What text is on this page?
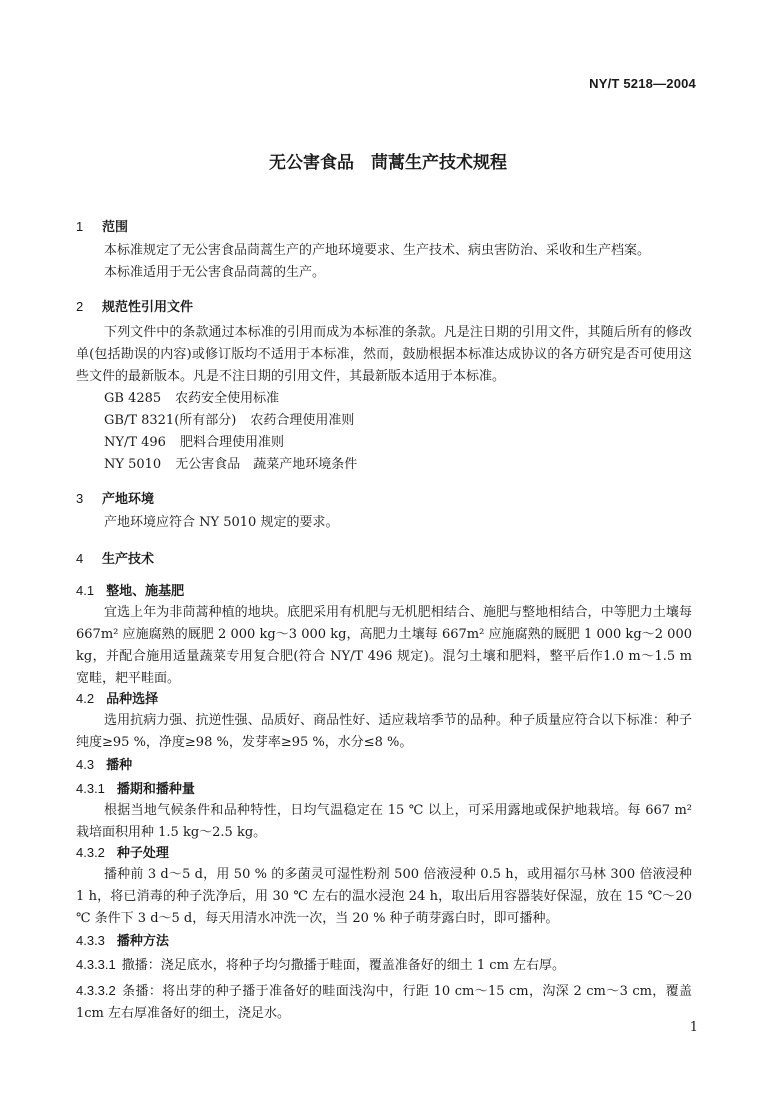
NY/T 5218—2004
无公害食品　茼蒿生产技术规程
1 范围

本标准规定了无公害食品茼蒿生产的产地环境要求、生产技术、病虫害防治、采收和生产档案。

本标准适用于无公害食品茼蒿的生产。

2 规范性引用文件

下列文件中的条款通过本标准的引用而成为本标准的条款。凡是注日期的引用文件，其随后所有的修改单(包括勘误的内容)或修订版均不适用于本标准，然而，鼓励根据本标准达成协议的各方研究是否可使用这些文件的最新版本。凡是不注日期的引用文件，其最新版本适用于本标准。

GB 4285 农药安全使用标准
GB/T 8321(所有部分) 农药合理使用准则
NY/T 496 肥料合理使用准则
NY 5010 无公害食品　蔬菜产地环境条件
3 产地环境

产地环境应符合 NY 5010 规定的要求。

4 生产技术
4.1 整地、施基肥

宜选上年为非茼蒿种植的地块。底肥采用有机肥与无机肥相结合、施肥与整地相结合，中等肥力土壤每667m² 应施腐熟的厩肥 2 000 kg～3 000 kg，高肥力土壤每 667m² 应施腐熟的厩肥 1 000 kg～2 000 kg，并配合施用适量蔬菜专用复合肥(符合 NY/T 496 规定)。混匀土壤和肥料，整平后作1.0 m～1.5 m 宽畦，耙平畦面。

4.2 品种选择

选用抗病力强、抗逆性强、品质好、商品性好、适应栽培季节的品种。种子质量应符合以下标准：种子纯度≥95 %，净度≥98 %，发芽率≥95 %，水分≤8 %。

4.3 播种
4.3.1 播期和播种量

根据当地气候条件和品种特性，日均气温稳定在 15 ℃ 以上，可采用露地或保护地栽培。每 667 m² 栽培面积用种 1.5 kg～2.5 kg。

4.3.2 种子处理

播种前 3 d～5 d，用 50 % 的多菌灵可湿性粉剂 500 倍液浸种 0.5 h，或用福尔马林 300 倍液浸种 1 h，将已消毒的种子洗净后，用 30 ℃ 左右的温水浸泡 24 h，取出后用容器装好保湿，放在 15 ℃～20 ℃ 条件下 3 d～5 d，每天用清水冲洗一次，当 20 % 种子萌芽露白时，即可播种。

4.3.3 播种方法

4.3.3.1 撒播：浇足底水，将种子均匀撒播于畦面，覆盖准备好的细土 1 cm 左右厚。

4.3.3.2 条播：将出芽的种子播于准备好的畦面浅沟中，行距 10 cm～15 cm，沟深 2 cm～3 cm，覆盖1cm 左右厚准备好的细土，浇足水。

1
